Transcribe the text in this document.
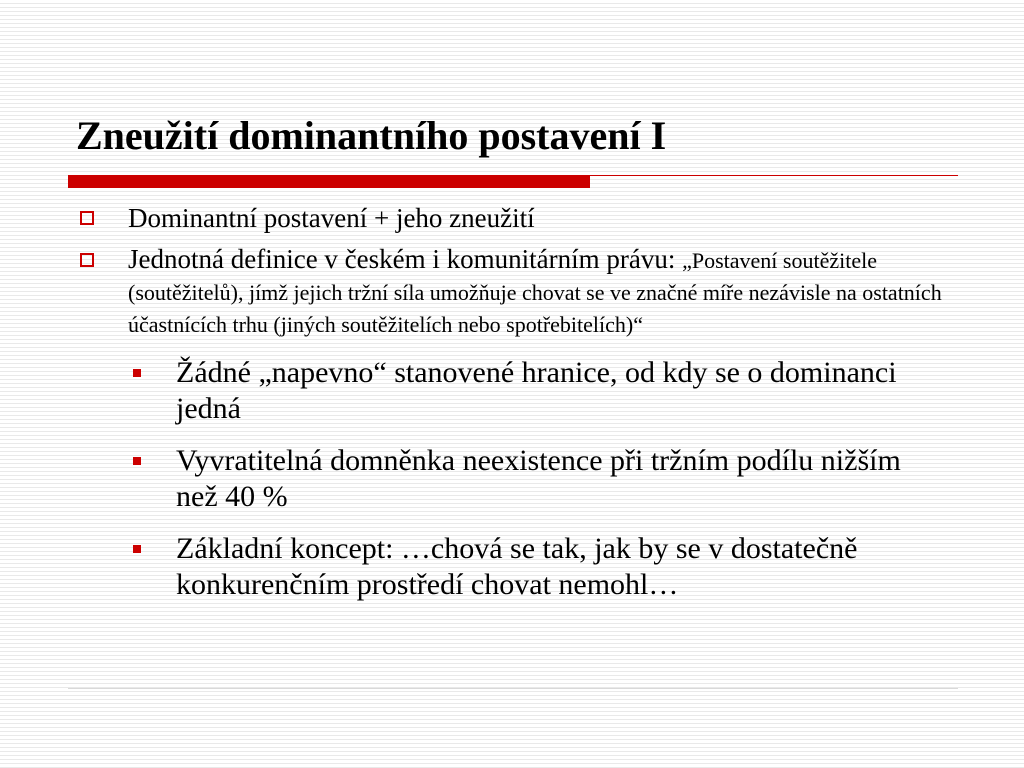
Zneužití dominantního postavení I
Dominantní postavení + jeho zneužití
Jednotná definice v českém i komunitárním právu: „Postavení soutěžitele (soutěžitelů), jímž jejich tržní síla umožňuje chovat se ve značné míře nezávisle na ostatních účastnících trhu (jiných soutěžitelích nebo spotřebitelích)“
Žádné „napevno“ stanovené hranice, od kdy se o dominanci jedná
Vyvratitelná domněnka neexistence při tržním podílu nižším než 40 %
Základní koncept: …chová se tak, jak by se v dostatečně konkurenčním prostředí chovat nemohl…
